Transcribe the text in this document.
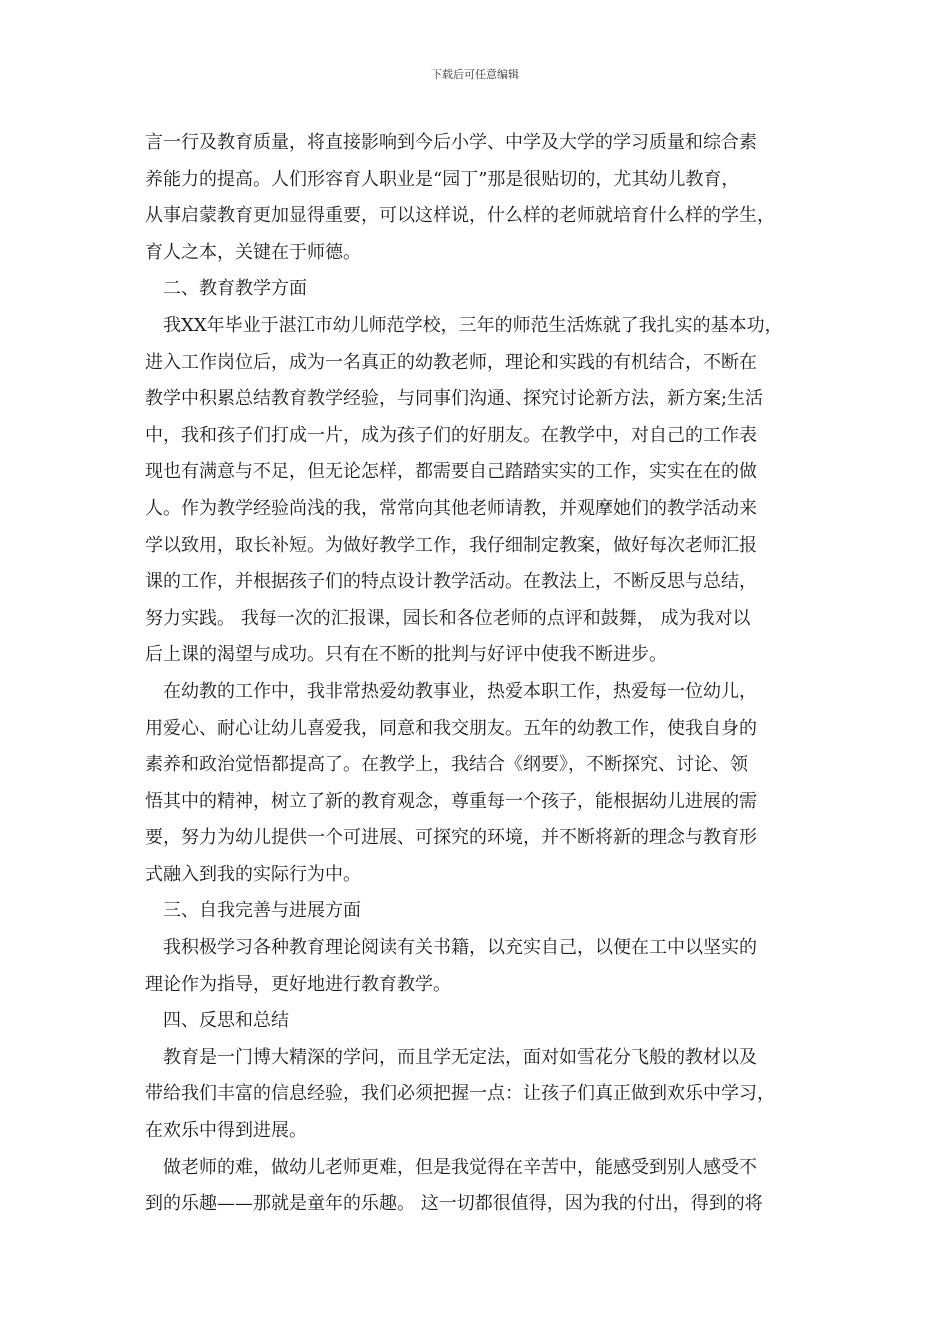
下载后可任意编辑
言一行及教育质量，将直接影响到今后小学、中学及大学的学习质量和综合素
养能力的提高。人们形容育人职业是“园丁”那是很贴切的，尤其幼儿教育，
从事启蒙教育更加显得重要，可以这样说，什么样的老师就培育什么样的学生，
育人之本，关键在于师德。
　二、教育教学方面
　我XX年毕业于湛江市幼儿师范学校，三年的师范生活炼就了我扎实的基本功，
进入工作岗位后，成为一名真正的幼教老师，理论和实践的有机结合，不断在
教学中积累总结教育教学经验，与同事们沟通、探究讨论新方法，新方案;生活
中，我和孩子们打成一片，成为孩子们的好朋友。在教学中，对自己的工作表
现也有满意与不足，但无论怎样，都需要自己踏踏实实的工作，实实在在的做
人。作为教学经验尚浅的我，常常向其他老师请教，并观摩她们的教学活动来
学以致用，取长补短。为做好教学工作，我仔细制定教案，做好每次老师汇报
课的工作，并根据孩子们的特点设计教学活动。在教法上，不断反思与总结，
努力实践。 我每一次的汇报课，园长和各位老师的点评和鼓舞， 成为我对以
后上课的渴望与成功。只有在不断的批判与好评中使我不断进步。
　在幼教的工作中，我非常热爱幼教事业，热爱本职工作，热爱每一位幼儿，
用爱心、耐心让幼儿喜爱我，同意和我交朋友。五年的幼教工作，使我自身的
素养和政治觉悟都提高了。在教学上，我结合《纲要》，不断探究、讨论、领
悟其中的精神，树立了新的教育观念，尊重每一个孩子，能根据幼儿进展的需
要，努力为幼儿提供一个可进展、可探究的环境，并不断将新的理念与教育形
式融入到我的实际行为中。
　三、自我完善与进展方面
　我积极学习各种教育理论阅读有关书籍，以充实自己，以便在工中以坚实的
理论作为指导，更好地进行教育教学。
　四、反思和总结
　教育是一门博大精深的学问，而且学无定法，面对如雪花分飞般的教材以及
带给我们丰富的信息经验，我们必须把握一点：让孩子们真正做到欢乐中学习，
在欢乐中得到进展。
　做老师的难，做幼儿老师更难，但是我觉得在辛苦中，能感受到别人感受不
到的乐趣——那就是童年的乐趣。 这一切都很值得，因为我的付出，得到的将
